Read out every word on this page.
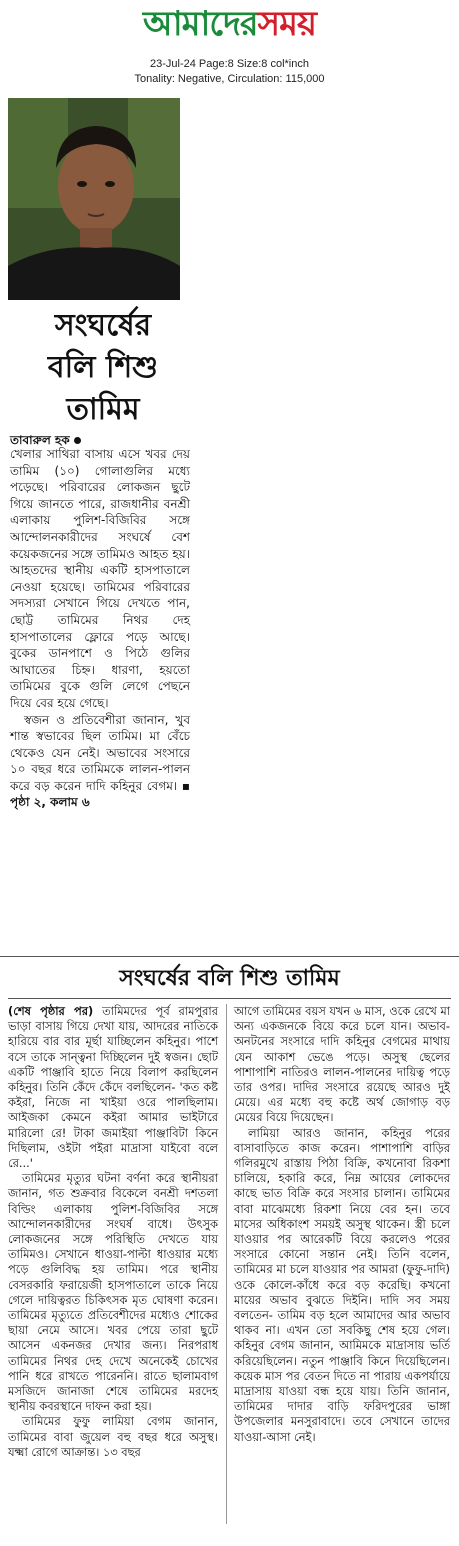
আমাদেরসময়
23-Jul-24 Page:8 Size:8 col*inch
Tonality: Negative, Circulation: 115,000
সংঘর্ষের
বলি শিশু
তামিম
তাবারুল হক

খেলার সাথিরা বাসায় এসে খবর দেয় তামিম (১০) গোলাগুলির মধ্যে পড়েছে। পরিবারের লোকজন ছুটে গিয়ে জানতে পারে, রাজধানীর বনশ্রী এলাকায় পুলিশ-বিজিবির সঙ্গে আন্দোলনকারীদের সংঘর্ষে বেশ কয়েকজনের সঙ্গে তামিমও আহত হয়। আহতদের স্থানীয় একটি হাসপাতালে নেওয়া হয়েছে। তামিমের পরিবারের সদস্যরা সেখানে গিয়ে দেখতে পান, ছোট্ট তামিমের নিথর দেহ হাসপাতালের ফ্লোরে পড়ে আছে। বুকের ডানপাশে ও পিঠে গুলির আঘাতের চিহ্ন। ধারণা, হয়তো তামিমের বুকে গুলি লেগে পেছনে দিয়ে বের হয়ে গেছে।

স্বজন ও প্রতিবেশীরা জানান, খুব শান্ত স্বভাবের ছিল তামিম। মা বেঁচে থেকেও যেন নেই। অভাবের সংসারে ১০ বছর ধরে তামিমকে লালন-পালন করে বড় করেন দাদি কহিনুর বেগম। ▪ পৃষ্ঠা ২, কলাম ৬

সংঘর্ষের বলি শিশু তামিম

(শেষ পৃষ্ঠার পর) তামিমদের পূর্ব রামপুরার ভাড়া বাসায় গিয়ে দেখা যায়, আদরের নাতিকে হারিয়ে বার বার মূর্ছা যাচ্ছিলেন কহিনুর। পাশে বসে তাকে সান্ত্বনা দিচ্ছিলেন দুই স্বজন। ছোট একটি পাঞ্জাবি হাতে নিয়ে বিলাপ করছিলেন কহিনুর। তিনি কেঁদে কেঁদে বলছিলেন- 'কত কষ্ট কইরা, নিজে না খাইয়া ওরে পালছিলাম। আইজকা কেমনে কইরা আমার ভাইটারে মারিলো রে! টাকা জমাইয়া পাঞ্জাবিটা কিনে দিছিলাম, ওইটা পইরা মাদ্রাসা যাইবো বলে রে...'

তামিমের মৃত্যুর ঘটনা বর্ণনা করে স্থানীয়রা জানান, গত শুক্রবার বিকেলে বনশ্রী দশতলা বিল্ডিং এলাকায় পুলিশ-বিজিবির সঙ্গে আন্দোলনকারীদের সংঘর্ষ বাধে। উৎসুক লোকজনের সঙ্গে পরিস্থিতি দেখতে যায় তামিমও। সেখানে ধাওয়া-পাল্টা ধাওয়ার মধ্যে পড়ে গুলিবিদ্ধ হয় তামিম। পরে স্থানীয় বেসরকারি ফরায়েজী হাসপাতালে তাকে নিয়ে গেলে দায়িত্বরত চিকিৎসক মৃত ঘোষণা করেন। তামিমের মৃত্যুতে প্রতিবেশীদের মধ্যেও শোকের ছায়া নেমে আসে। খবর পেয়ে তারা ছুটে আসেন একনজর দেখার জন্য। নিরপরাধ তামিমের নিথর দেহ দেখে অনেকেই চোখের পানি ধরে রাখতে পারেননি। রাতে ছালামবাগ মসজিদে জানাজা শেষে তামিমের মরদেহ স্থানীয় কবরস্থানে দাফন করা হয়।

তামিমের ফুফু লামিয়া বেগম জানান, তামিমের বাবা জুয়েল বহু বছর ধরে অসুস্থ। যক্ষ্মা রোগে আক্রান্ত। ১৩ বছর

আগে তামিমের বয়স যখন ৬ মাস, ওকে রেখে মা অন্য একজনকে বিয়ে করে চলে যান। অভাব-অনটনের সংসারে দাদি কহিনুর বেগমের মাথায় যেন আকাশ ভেঙে পড়ে। অসুস্থ ছেলের পাশাপাশি নাতিরও লালন-পালনের দায়িত্ব পড়ে তার ওপর। দাদির সংসারে রয়েছে আরও দুই মেয়ে। এর মধ্যে বহু কষ্টে অর্থ জোগাড় বড় মেয়ের বিয়ে দিয়েছেন।

লামিয়া আরও জানান, কহিনুর পরের বাসাবাড়িতে কাজ করেন। পাশাপাশি বাড়ির গলিরমুখে রাস্তায় পিঠা বিক্রি, কখনোবা রিকশা চালিয়ে, হকারি করে, নিম্ন আয়ের লোকদের কাছে ভাত বিক্রি করে সংসার চালান। তামিমের বাবা মাঝেমধ্যে রিকশা নিয়ে বের হন। তবে মাসের অধিকাংশ সময়ই অসুস্থ থাকেন। স্ত্রী চলে যাওয়ার পর আরেকটি বিয়ে করলেও পরের সংসারে কোনো সন্তান নেই। তিনি বলেন, তামিমের মা চলে যাওয়ার পর আমরা (ফুফু-দাদি) ওকে কোলে-কাঁধে করে বড় করেছি। কখনো মায়ের অভাব বুঝতে দিইনি। দাদি সব সময় বলতেন- তামিম বড় হলে আমাদের আর অভাব থাকব না। এখন তো সবকিছু শেষ হয়ে গেল। কহিনুর বেগম জানান, আমিমকে মাদ্রাসায় ভর্তি করিয়েছিলেন। নতুন পাঞ্জাবি কিনে দিয়েছিলেন। কয়েক মাস পর বেতন দিতে না পারায় একপর্যায়ে মাদ্রাসায় যাওয়া বন্ধ হয়ে যায়। তিনি জানান, তামিমের দাদার বাড়ি ফরিদপুরের ভাঙ্গা উপজেলার মনসুরাবাদে। তবে সেখানে তাদের যাওয়া-আসা নেই।
